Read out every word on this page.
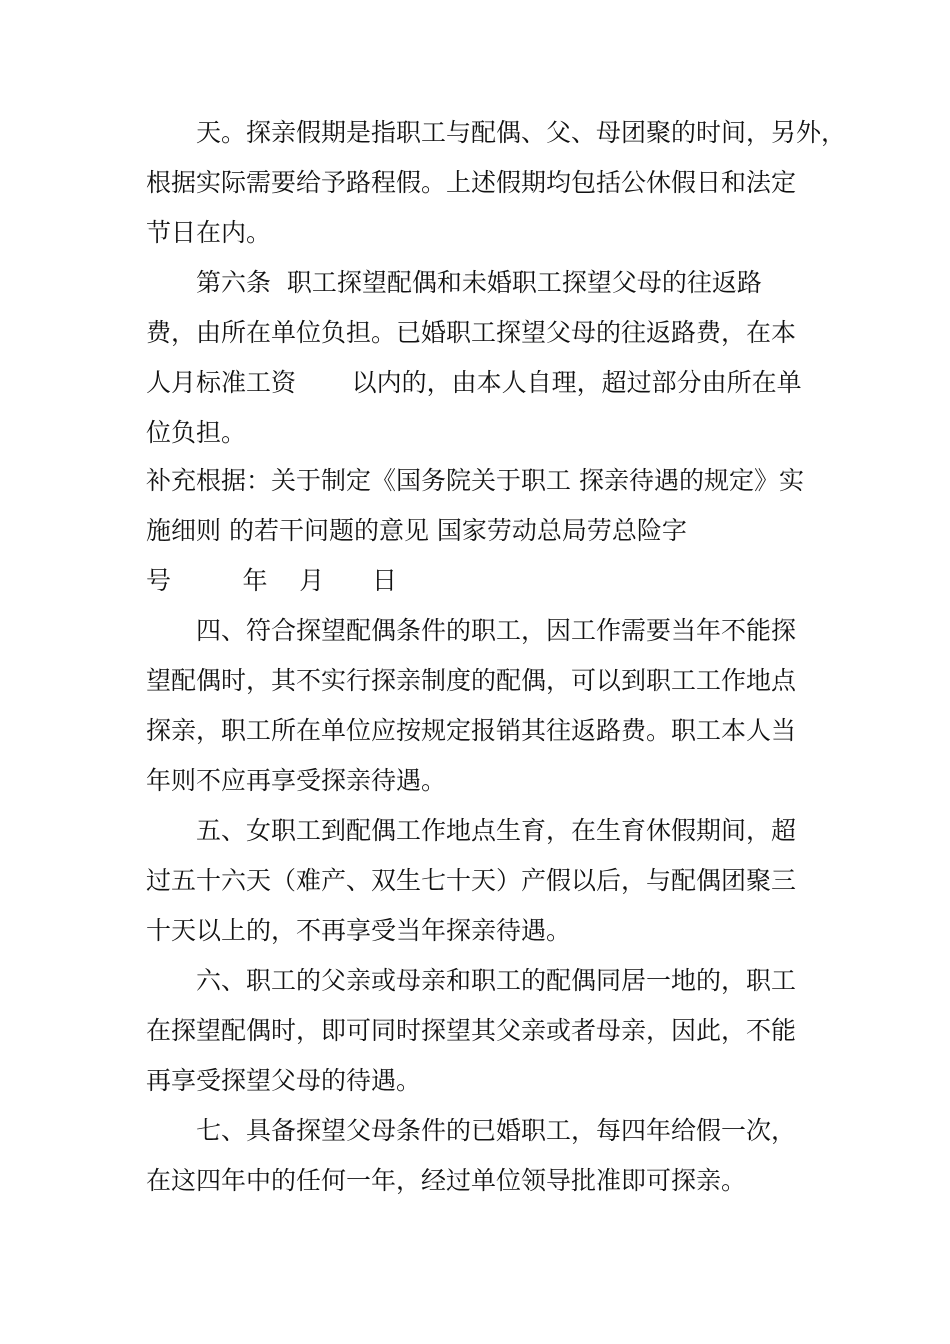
天。探亲假期是指职工与配偶、父、母团聚的时间，另外，

根据实际需要给予路程假。上述假期均包括公休假日和法定

节日在内。

第六条  职工探望配偶和未婚职工探望父母的往返路

费，由所在单位负担。已婚职工探望父母的往返路费，在本

人月标准工资       以内的，由本人自理，超过部分由所在单

位负担。

补充根据：关于制定《国务院关于职工 探亲待遇的规定》实

施细则 的若干问题的意见 国家劳动总局劳总险字

号         年    月      日

四、符合探望配偶条件的职工，因工作需要当年不能探

望配偶时，其不实行探亲制度的配偶，可以到职工工作地点

探亲，职工所在单位应按规定报销其往返路费。职工本人当

年则不应再享受探亲待遇。

五、女职工到配偶工作地点生育，在生育休假期间，超

过五十六天（难产、双生七十天）产假以后，与配偶团聚三

十天以上的，不再享受当年探亲待遇。

六、职工的父亲或母亲和职工的配偶同居一地的，职工

在探望配偶时，即可同时探望其父亲或者母亲，因此，不能

再享受探望父母的待遇。

七、具备探望父母条件的已婚职工，每四年给假一次，

在这四年中的任何一年，经过单位领导批准即可探亲。
